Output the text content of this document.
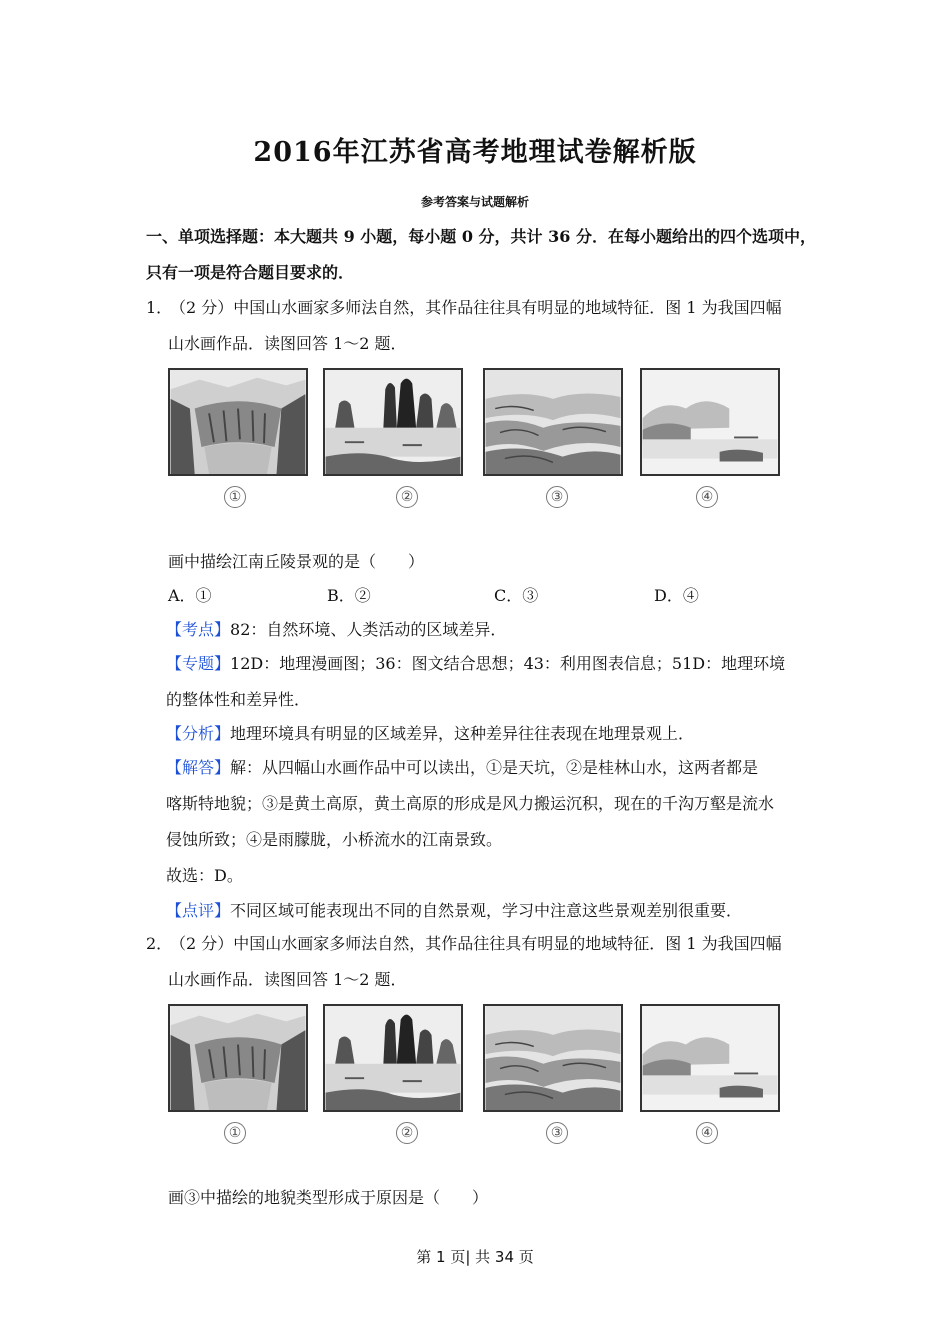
2016年江苏省高考地理试卷解析版
参考答案与试题解析
一、单项选择题：本大题共 9 小题，每小题 0 分，共计 36 分．在每小题给出的四个选项中，
只有一项是符合题目要求的．
1．
（2 分）中国山水画家多师法自然，其作品往往具有明显的地域特征．图 1 为我国四幅
山水画作品．读图回答 1～2 题．
①	②	③	④
画中描绘江南丘陵景观的是（　　）
A．①	B．②	C．③	D．④
【考点】82：自然环境、人类活动的区域差异．
【专题】12D：地理漫画图；36：图文结合思想；43：利用图表信息；51D：地理环境
的整体性和差异性．
【分析】地理环境具有明显的区域差异，这种差异往往表现在地理景观上．
【解答】解：从四幅山水画作品中可以读出，①是天坑，②是桂林山水，这两者都是
喀斯特地貌；③是黄土高原，黄土高原的形成是风力搬运沉积，现在的千沟万壑是流水
侵蚀所致；④是雨朦胧，小桥流水的江南景致。
故选：D。
【点评】不同区域可能表现出不同的自然景观，学习中注意这些景观差别很重要．
2．
（2 分）中国山水画家多师法自然，其作品往往具有明显的地域特征．图 1 为我国四幅
山水画作品．读图回答 1～2 题．
①	②	③	④
画③中描绘的地貌类型形成于原因是（　　）
第 1 页| 共 34 页
